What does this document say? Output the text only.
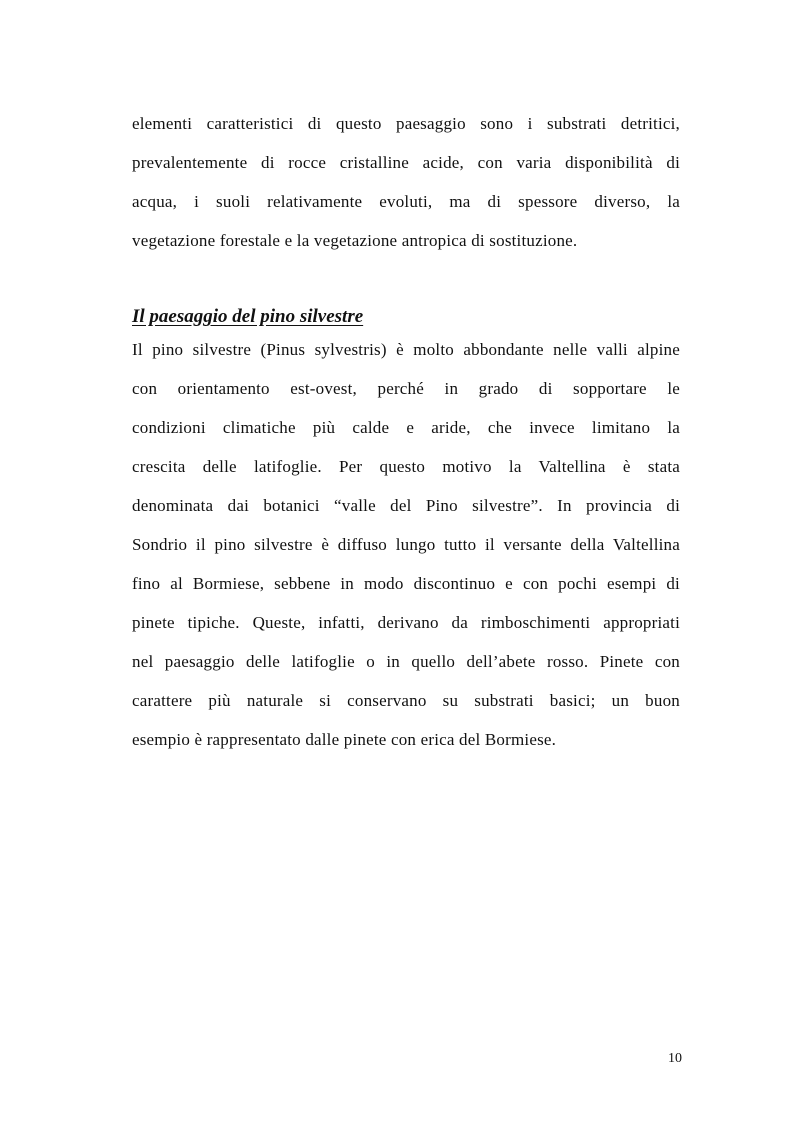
elementi caratteristici di questo paesaggio sono i substrati detritici,
prevalentemente di rocce cristalline acide, con varia disponibilità di
acqua, i suoli relativamente evoluti, ma di spessore diverso, la
vegetazione forestale e la vegetazione antropica di sostituzione.
Il paesaggio del pino silvestre
Il pino silvestre (Pinus sylvestris) è molto abbondante nelle valli alpine
con orientamento est-ovest, perché in grado di sopportare le
condizioni climatiche più calde e aride, che invece limitano la
crescita delle latifoglie. Per questo motivo la Valtellina è stata
denominata dai botanici “valle del Pino silvestre”. In provincia di
Sondrio il pino silvestre è diffuso lungo tutto il versante della Valtellina
fino al Bormiese, sebbene in modo discontinuo e con pochi esempi di
pinete tipiche. Queste, infatti, derivano da rimboschimenti appropriati
nel paesaggio delle latifoglie o in quello dell’abete rosso. Pinete con
carattere più naturale si conservano su substrati basici; un buon
esempio è rappresentato dalle pinete con erica del Bormiese.
10
